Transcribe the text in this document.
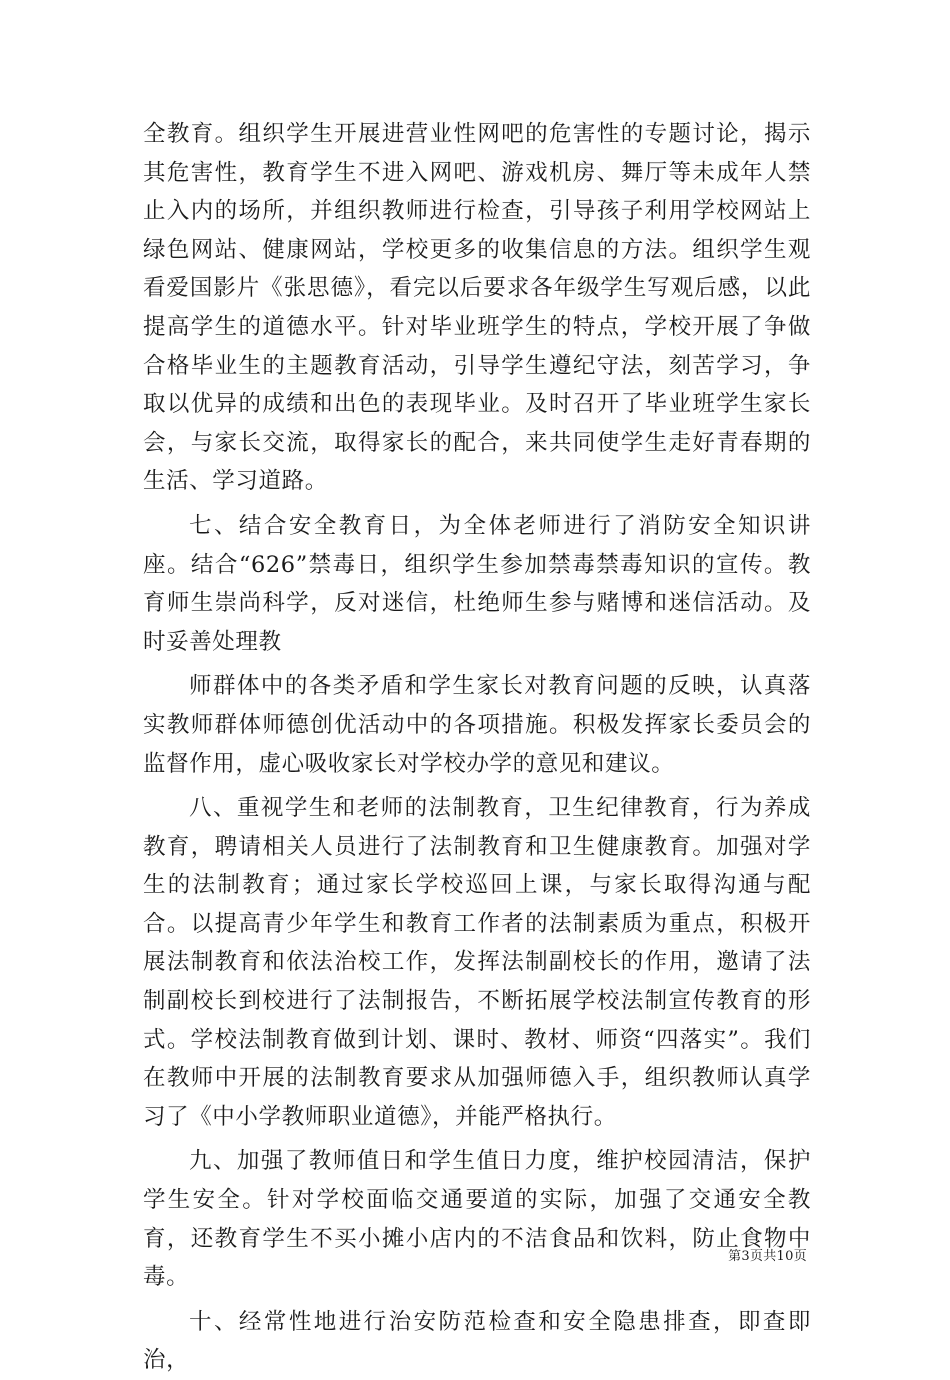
全教育。组织学生开展进营业性网吧的危害性的专题讨论，揭示其危害性，教育学生不进入网吧、游戏机房、舞厅等未成年人禁止入内的场所，并组织教师进行检查，引导孩子利用学校网站上绿色网站、健康网站，学校更多的收集信息的方法。组织学生观看爱国影片《张思德》，看完以后要求各年级学生写观后感，以此提高学生的道德水平。针对毕业班学生的特点，学校开展了争做合格毕业生的主题教育活动，引导学生遵纪守法，刻苦学习，争取以优异的成绩和出色的表现毕业。及时召开了毕业班学生家长会，与家长交流，取得家长的配合，来共同使学生走好青春期的生活、学习道路。

七、结合安全教育日，为全体老师进行了消防安全知识讲座。结合“626”禁毒日，组织学生参加禁毒禁毒知识的宣传。教育师生崇尚科学，反对迷信，杜绝师生参与赌博和迷信活动。及时妥善处理教

师群体中的各类矛盾和学生家长对教育问题的反映，认真落实教师群体师德创优活动中的各项措施。积极发挥家长委员会的监督作用，虚心吸收家长对学校办学的意见和建议。

八、重视学生和老师的法制教育，卫生纪律教育，行为养成教育，聘请相关人员进行了法制教育和卫生健康教育。加强对学生的法制教育；通过家长学校巡回上课，与家长取得沟通与配合。以提高青少年学生和教育工作者的法制素质为重点，积极开展法制教育和依法治校工作，发挥法制副校长的作用，邀请了法制副校长到校进行了法制报告，不断拓展学校法制宣传教育的形式。学校法制教育做到计划、课时、教材、师资“四落实”。我们在教师中开展的法制教育要求从加强师德入手，组织教师认真学习了《中小学教师职业道德》，并能严格执行。

九、加强了教师值日和学生值日力度，维护校园清洁，保护学生安全。针对学校面临交通要道的实际，加强了交通安全教育，还教育学生不买小摊小店内的不洁食品和饮料，防止食物中毒。

十、经常性地进行治安防范检查和安全隐患排查，即查即治，

第3页共10页
